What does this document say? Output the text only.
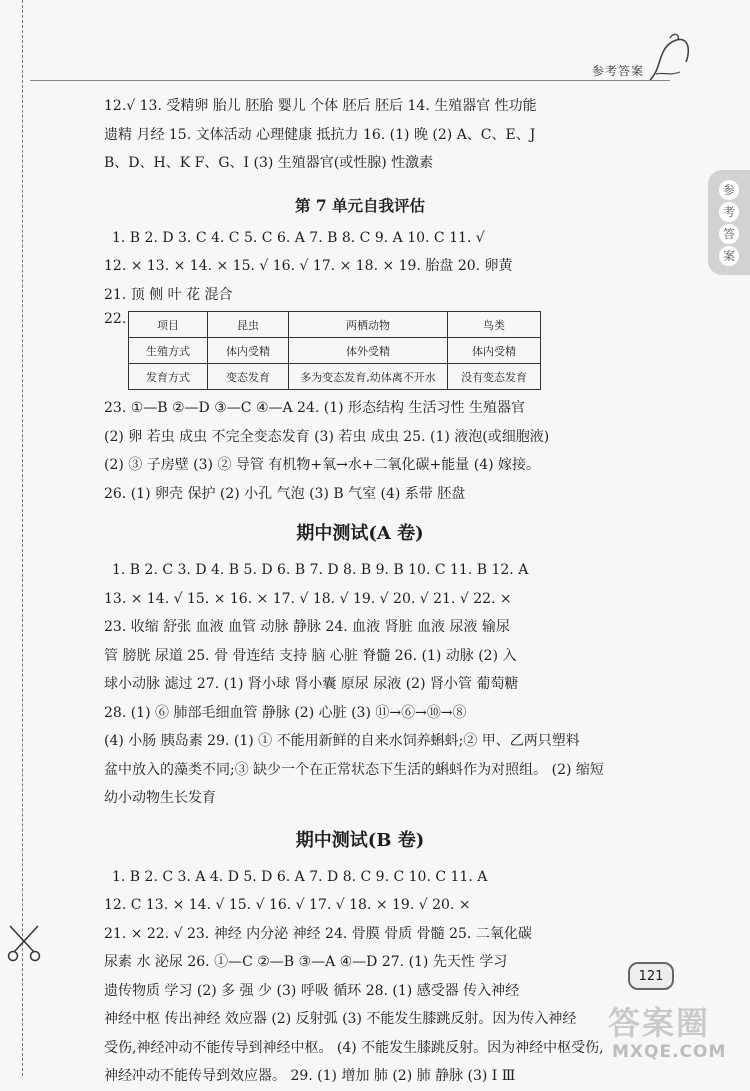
参考答案
参
考
答
案
12.√ 13. 受精卵 胎儿 胚胎 婴儿 个体 胚后 胚后 14. 生殖器官 性功能
遗精 月经 15. 文体活动 心理健康 抵抗力 16. (1) 晚 (2) A、C、E、J
B、D、H、K F、G、I (3) 生殖器官(或性腺) 性激素
第 7 单元自我评估
1. B 2. D 3. C 4. C 5. C 6. A 7. B 8. C 9. A 10. C 11. √
12. × 13. × 14. × 15. √ 16. √ 17. × 18. × 19. 胎盘 20. 卵黄
21. 顶 侧 叶 花 混合
22.	项目	昆虫	两栖动物	鸟类
生殖方式	体内受精	体外受精	体内受精
发育方式	变态发育	多为变态发育,幼体离不开水	没有变态发育
23. ①—B ②—D ③—C ④—A 24. (1) 形态结构 生活习性 生殖器官
(2) 卵 若虫 成虫 不完全变态发育 (3) 若虫 成虫 25. (1) 液泡(或细胞液)
(2) ③ 子房壁 (3) ② 导管 有机物+氧→水+二氧化碳+能量 (4) 嫁接。
26. (1) 卵壳 保护 (2) 小孔 气泡 (3) B 气室 (4) 系带 胚盘
期中测试(A 卷)
1. B 2. C 3. D 4. B 5. D 6. B 7. D 8. B 9. B 10. C 11. B 12. A
13. × 14. √ 15. × 16. × 17. √ 18. √ 19. √ 20. √ 21. √ 22. ×
23. 收缩 舒张 血液 血管 动脉 静脉 24. 血液 肾脏 血液 尿液 输尿
管 膀胱 尿道 25. 骨 骨连结 支持 脑 心脏 脊髓 26. (1) 动脉 (2) 入
球小动脉 滤过 27. (1) 肾小球 肾小囊 原尿 尿液 (2) 肾小管 葡萄糖
28. (1) ⑥ 肺部毛细血管 静脉 (2) 心脏 (3) ⑪→⑥→⑩→⑧
(4) 小肠 胰岛素 29. (1) ① 不能用新鲜的自来水饲养蝌蚪;② 甲、乙两只塑料
盆中放入的藻类不同;③ 缺少一个在正常状态下生活的蝌蚪作为对照组。 (2) 缩短
幼小动物生长发育
期中测试(B 卷)
1. B 2. C 3. A 4. D 5. D 6. A 7. D 8. C 9. C 10. C 11. A
12. C 13. × 14. √ 15. √ 16. √ 17. √ 18. × 19. √ 20. ×
21. × 22. √ 23. 神经 内分泌 神经 24. 骨膜 骨质 骨髓 25. 二氧化碳
尿素 水 泌尿 26. ①—C ②—B ③—A ④—D 27. (1) 先天性 学习
遗传物质 学习 (2) 多 强 少 (3) 呼吸 循环 28. (1) 感受器 传入神经
神经中枢 传出神经 效应器 (2) 反射弧 (3) 不能发生膝跳反射。因为传入神经
受伤,神经冲动不能传导到神经中枢。 (4) 不能发生膝跳反射。因为神经中枢受伤,
神经冲动不能传导到效应器。 29. (1) 增加 肺 (2) 肺 静脉 (3) Ⅰ Ⅲ
121
答案圈
MXQE.COM
